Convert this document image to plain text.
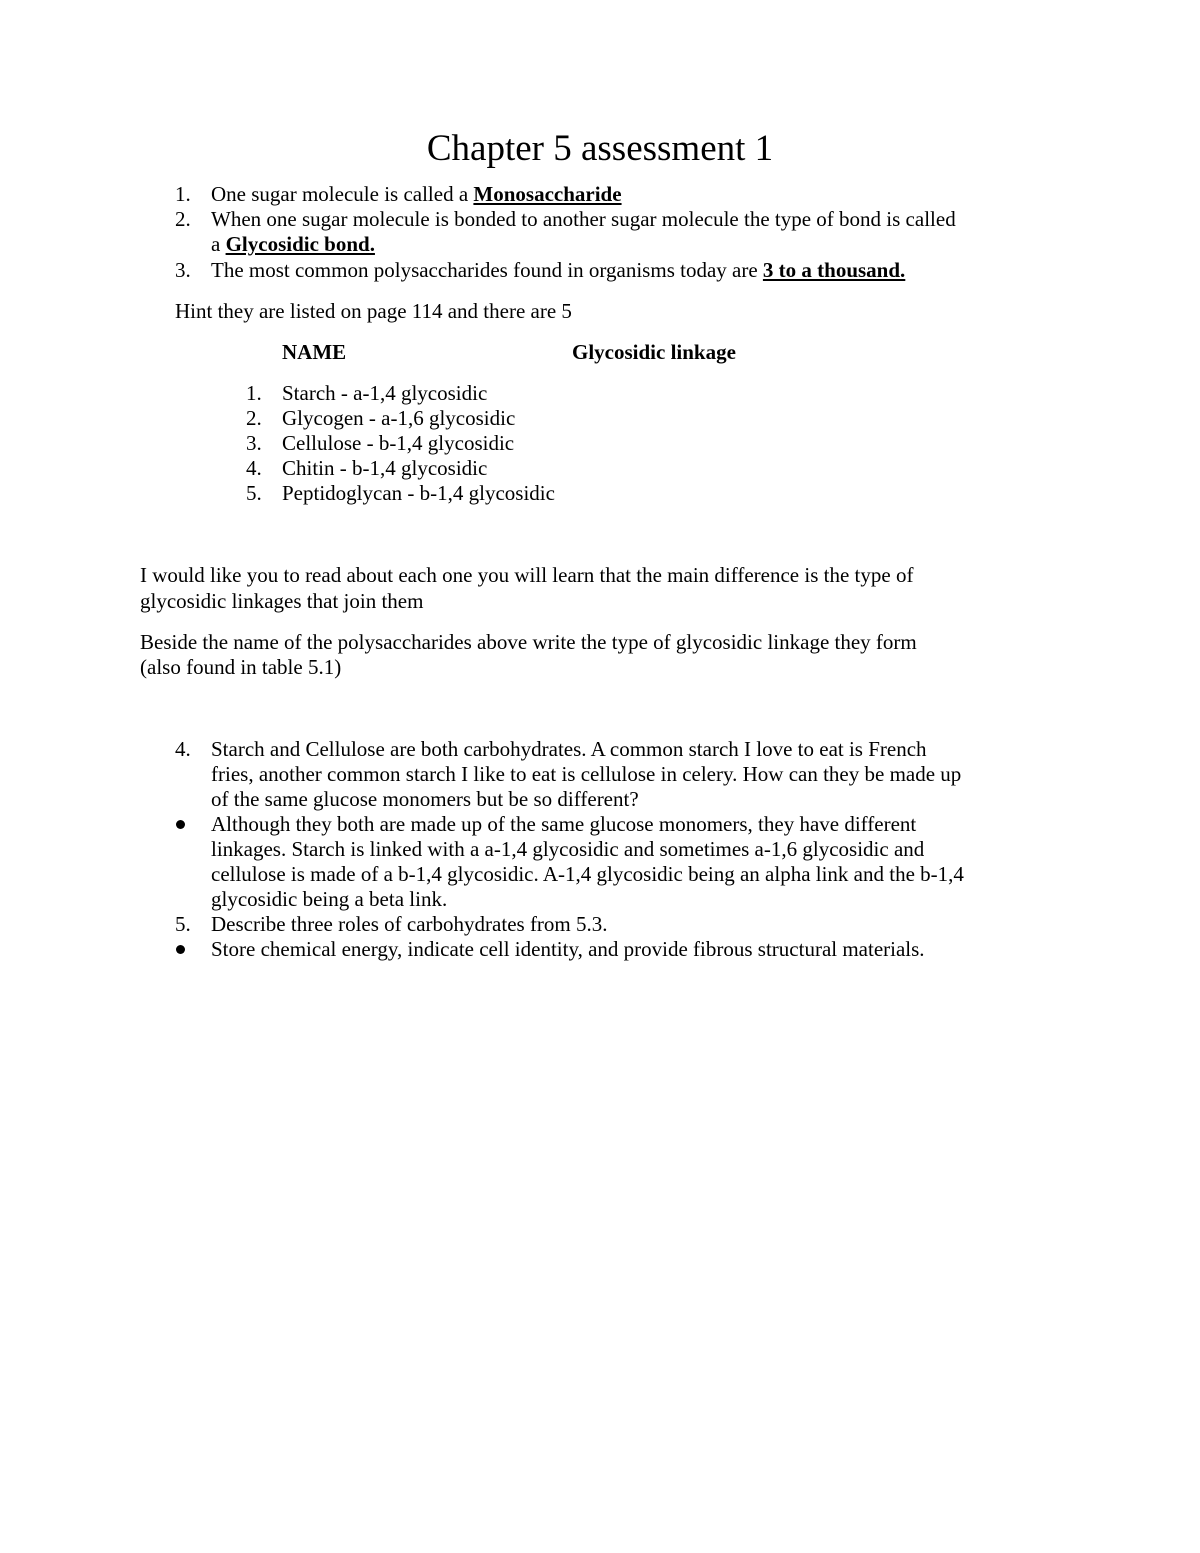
Chapter 5 assessment 1
1. One sugar molecule is called a Monosaccharide
2. When one sugar molecule is bonded to another sugar molecule the type of bond is called
a Glycosidic bond.
3. The most common polysaccharides found in organisms today are 3 to a thousand.
Hint they are listed on page 114 and there are 5
NAME	Glycosidic linkage
1. Starch - a-1,4 glycosidic
2. Glycogen - a-1,6 glycosidic
3. Cellulose - b-1,4 glycosidic
4. Chitin - b-1,4 glycosidic
5. Peptidoglycan - b-1,4 glycosidic
I would like you to read about each one you will learn that the main difference is the type of
glycosidic linkages that join them
Beside the name of the polysaccharides above write the type of glycosidic linkage they form
(also found in table 5.1)
4. Starch and Cellulose are both carbohydrates. A common starch I love to eat is French
fries, another common starch I like to eat is cellulose in celery. How can they be made up
of the same glucose monomers but be so different?
Although they both are made up of the same glucose monomers, they have different
linkages. Starch is linked with a a-1,4 glycosidic and sometimes a-1,6 glycosidic and
cellulose is made of a b-1,4 glycosidic. A-1,4 glycosidic being an alpha link and the b-1,4
glycosidic being a beta link.
5. Describe three roles of carbohydrates from 5.3.
Store chemical energy, indicate cell identity, and provide fibrous structural materials.
